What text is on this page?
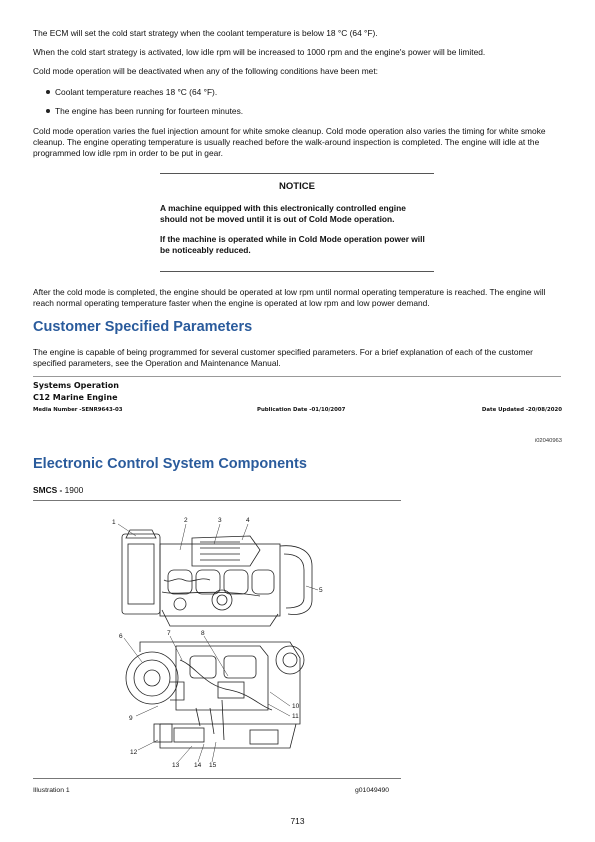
The ECM will set the cold start strategy when the coolant temperature is below 18 °C (64 °F).

When the cold start strategy is activated, low idle rpm will be increased to 1000 rpm and the engine's power will be limited.

Cold mode operation will be deactivated when any of the following conditions have been met:

Coolant temperature reaches 18 °C (64 °F).
The engine has been running for fourteen minutes.

Cold mode operation varies the fuel injection amount for white smoke cleanup. Cold mode operation also varies the timing for white smoke cleanup. The engine operating temperature is usually reached before the walk-around inspection is completed. The engine will idle at the programmed low idle rpm in order to be put in gear.

NOTICE

A machine equipped with this electronically controlled engine should not be moved until it is out of Cold Mode operation.

If the machine is operated while in Cold Mode operation power will be noticeably reduced.

After the cold mode is completed, the engine should be operated at low rpm until normal operating temperature is reached. The engine will reach normal operating temperature faster when the engine is operated at low rpm and low power demand.

Customer Specified Parameters

The engine is capable of being programmed for several customer specified parameters. For a brief explanation of each of the customer specified parameters, see the Operation and Maintenance Manual.

Systems Operation
C12 Marine Engine
Media Number -SENR9643-03	Publication Date -01/10/2007	Date Updated -20/08/2020
i02040963
Electronic Control System Components
SMCS - 1900
1	2	3	4
5
6	7	8
9
10
11
12
13 14 15
Illustration 1	g01049490
713
